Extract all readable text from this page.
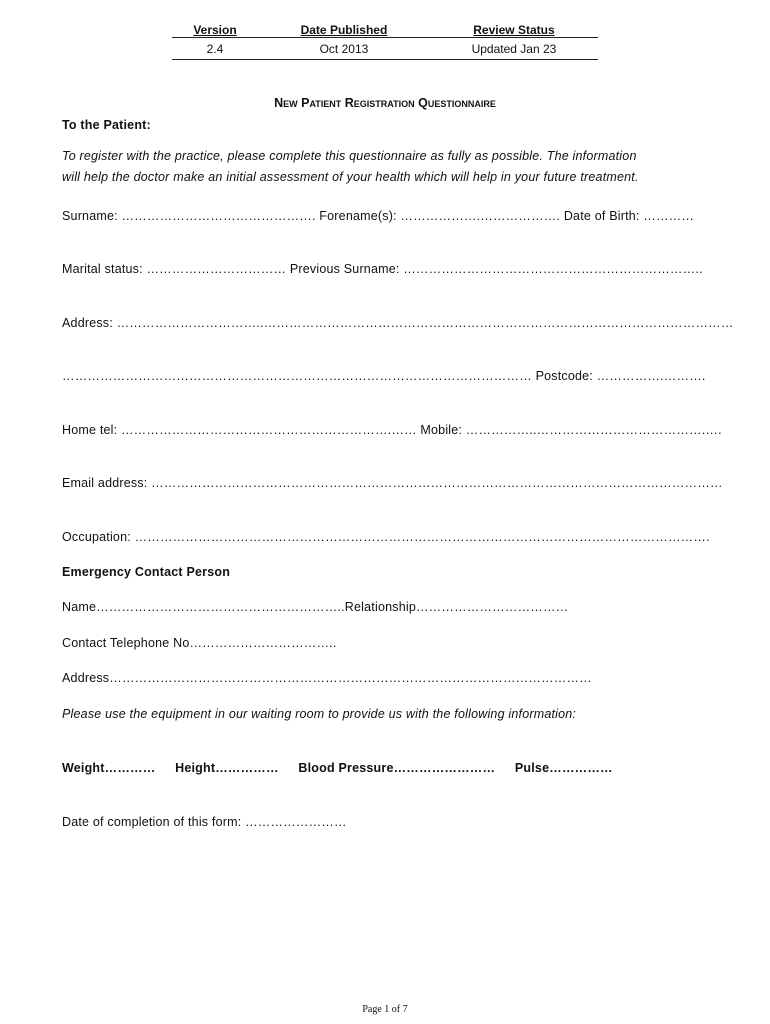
Version	Date Published	Review Status
2.4	Oct 2013	Updated Jan 23
New Patient Registration Questionnaire
To the Patient:
To register with the practice, please complete this questionnaire as fully as possible. The information
will help the doctor make an initial assessment of your health which will help in your future treatment.
Surname: ………………………………………. Forename(s): ……………….………………. Date of Birth: …………
Marital status: …………………………… Previous Surname: ……………………………………………………………..
Address: ……………………………..…………………………………………………………………………………………………
………………………………………………………………………………………………… Postcode: …………….……….
Home tel: ……………………………………………………….…… Mobile: ……………..………………………………….….
Email address: ………………………………………………………………………………………………………………………
Occupation: ……………………………………………………………………………………………………………………….
Emergency Contact Person
Name…………………………………………………..Relationship………………………………
Contact Telephone No……………………………..
Address……………………………………………………………………………………………………
Please use the equipment in our waiting room to provide us with the following information:
Weight………… Height…………… Blood Pressure…………………… Pulse……………
Date of completion of this form: ……………………
Page 1 of 7
